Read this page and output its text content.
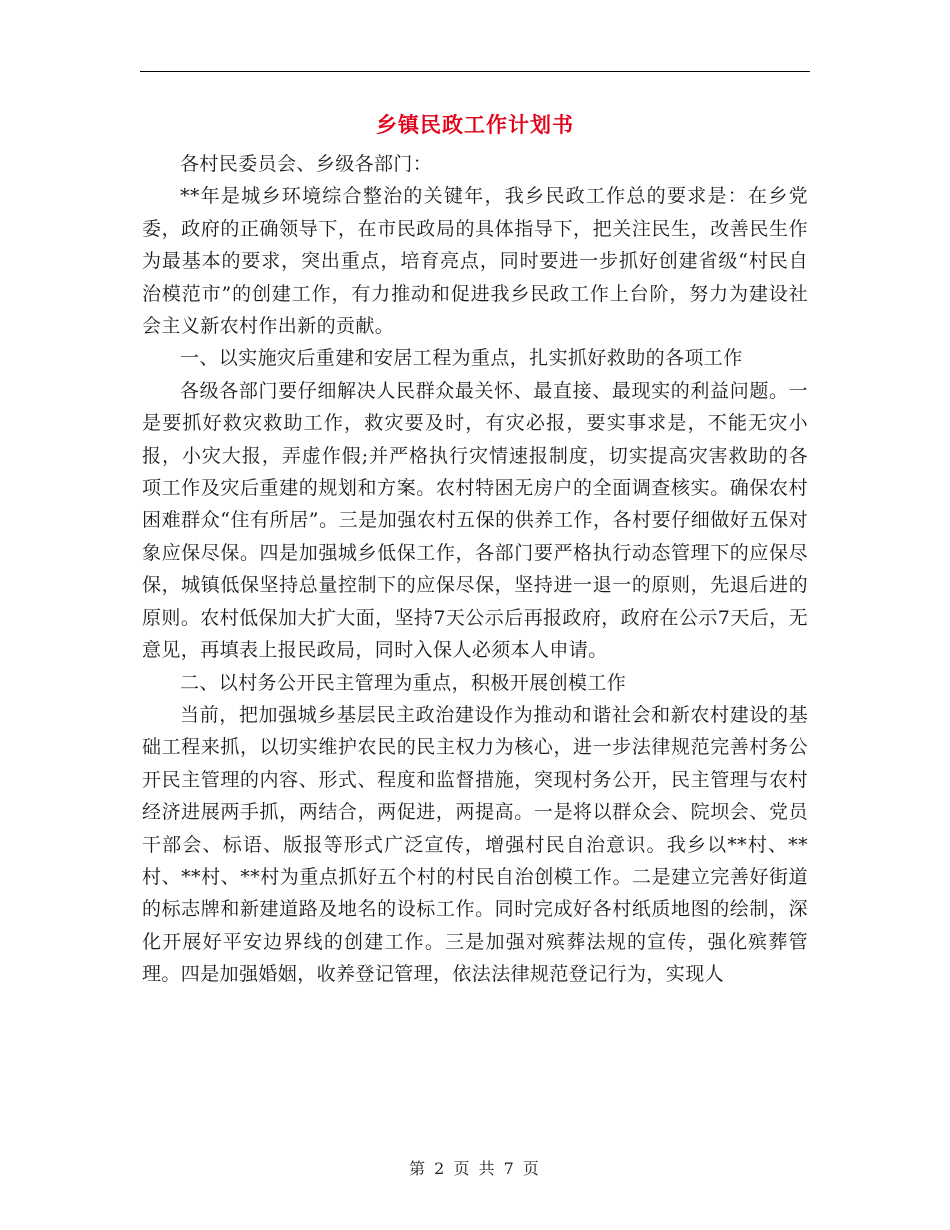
乡镇民政工作计划书

各村民委员会、乡级各部门：

**年是城乡环境综合整治的关键年，我乡民政工作总的要求是：在乡党委，政府的正确领导下，在市民政局的具体指导下，把关注民生，改善民生作为最基本的要求，突出重点，培育亮点，同时要进一步抓好创建省级“村民自治模范市”的创建工作，有力推动和促进我乡民政工作上台阶，努力为建设社会主义新农村作出新的贡献。

一、以实施灾后重建和安居工程为重点，扎实抓好救助的各项工作

各级各部门要仔细解决人民群众最关怀、最直接、最现实的利益问题。一是要抓好救灾救助工作，救灾要及时，有灾必报，要实事求是，不能无灾小报，小灾大报，弄虚作假;并严格执行灾情速报制度，切实提高灾害救助的各项工作及灾后重建的规划和方案。农村特困无房户的全面调查核实。确保农村困难群众“住有所居”。三是加强农村五保的供养工作，各村要仔细做好五保对象应保尽保。四是加强城乡低保工作，各部门要严格执行动态管理下的应保尽保，城镇低保坚持总量控制下的应保尽保，坚持进一退一的原则，先退后进的原则。农村低保加大扩大面，坚持7天公示后再报政府，政府在公示7天后，无意见，再填表上报民政局，同时入保人必须本人申请。

二、以村务公开民主管理为重点，积极开展创模工作

当前，把加强城乡基层民主政治建设作为推动和谐社会和新农村建设的基础工程来抓，以切实维护农民的民主权力为核心，进一步法律规范完善村务公开民主管理的内容、形式、程度和监督措施，突现村务公开，民主管理与农村经济进展两手抓，两结合，两促进，两提高。一是将以群众会、院坝会、党员干部会、标语、版报等形式广泛宣传，增强村民自治意识。我乡以**村、**村、**村、**村为重点抓好五个村的村民自治创模工作。二是建立完善好街道的标志牌和新建道路及地名的设标工作。同时完成好各村纸质地图的绘制，深化开展好平安边界线的创建工作。三是加强对殡葬法规的宣传，强化殡葬管理。四是加强婚姻，收养登记管理，依法法律规范登记行为，实现人

第 2 页 共 7 页
